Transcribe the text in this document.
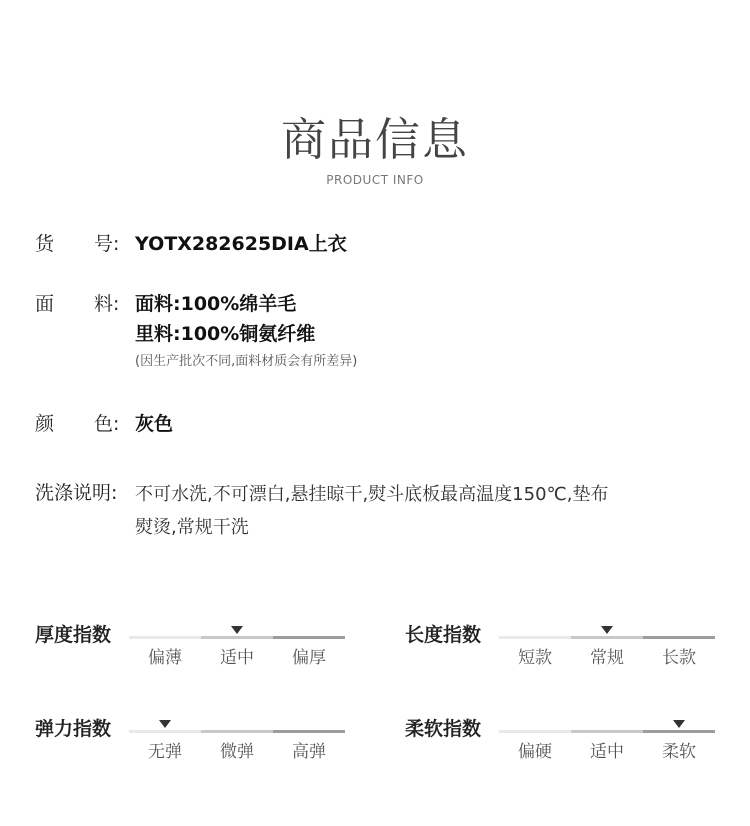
商品信息
PRODUCT INFO
货 号: YOTX282625DIA上衣
面 料: 面料:100%绵羊毛
里料:100%铜氨纤维
(因生产批次不同,面料材质会有所差异)
颜 色: 灰色
洗涤说明: 不可水洗,不可漂白,悬挂晾干,熨斗底板最高温度150℃,垫布
熨烫,常规干洗
厚度指数
偏薄	适中	偏厚
长度指数
短款	常规	长款
弹力指数
无弹	微弹	高弹
柔软指数
偏硬	适中	柔软
